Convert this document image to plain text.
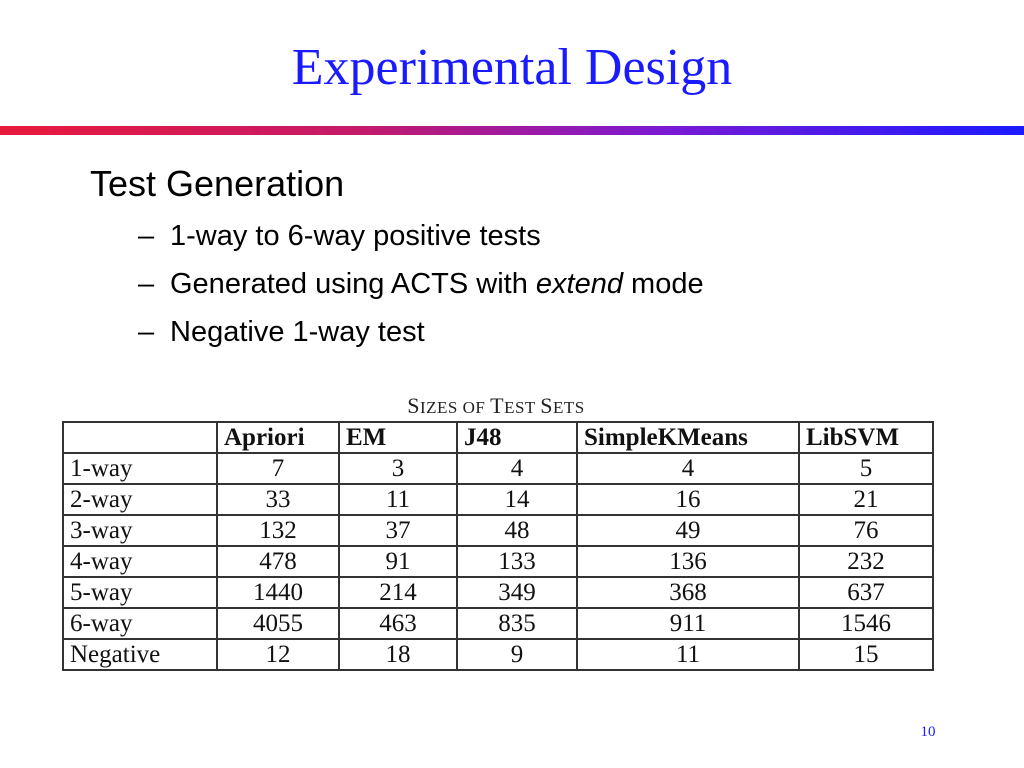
Experimental Design
Test Generation
– 1-way to 6-way positive tests
– Generated using ACTS with extend mode
– Negative 1-way test
SIZES OF TEST SETS
	Apriori	EM	J48	SimpleKMeans	LibSVM
1-way	7	3	4	4	5
2-way	33	11	14	16	21
3-way	132	37	48	49	76
4-way	478	91	133	136	232
5-way	1440	214	349	368	637
6-way	4055	463	835	911	1546
Negative	12	18	9	11	15
10
